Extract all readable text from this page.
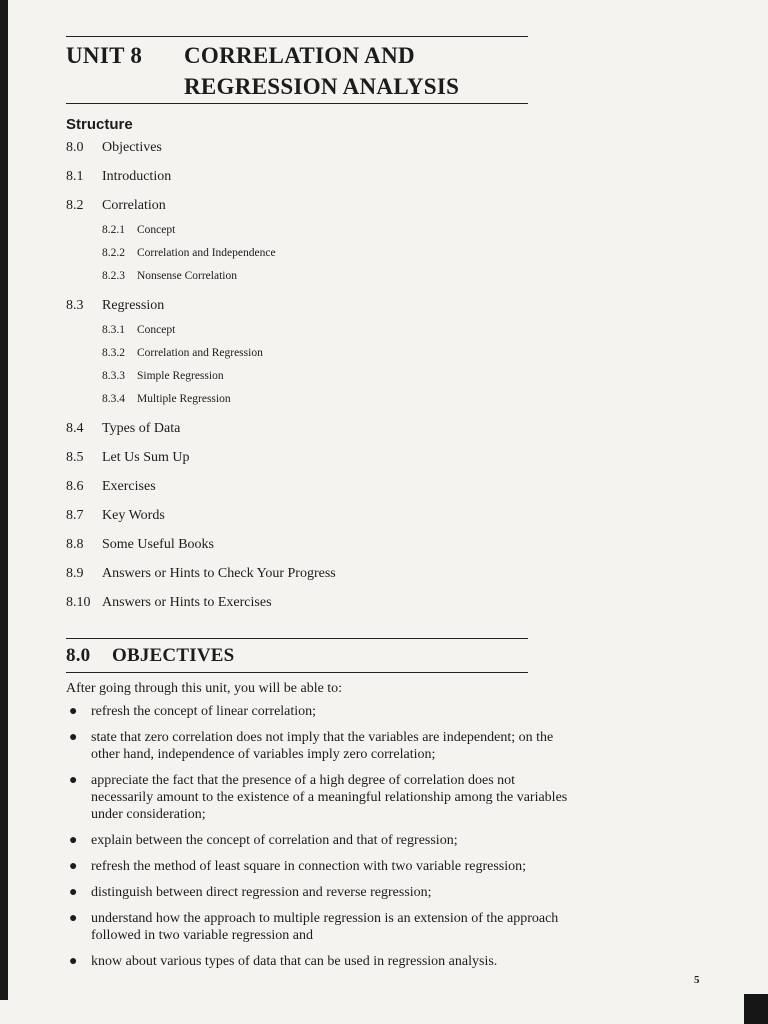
UNIT 8 CORRELATION AND
REGRESSION ANALYSIS
Structure
8.0	Objectives
8.1	Introduction
8.2	Correlation
8.2.1	Concept
8.2.2	Correlation and Independence
8.2.3	Nonsense Correlation
8.3	Regression
8.3.1	Concept
8.3.2	Correlation and Regression
8.3.3	Simple Regression
8.3.4	Multiple Regression
8.4	Types of Data
8.5	Let Us Sum Up
8.6	Exercises
8.7	Key Words
8.8	Some Useful Books
8.9	Answers or Hints to Check Your Progress
8.10 Answers or Hints to Exercises
8.0	OBJECTIVES
After going through this unit, you will be able to:
● refresh the concept of linear correlation;
● state that zero correlation does not imply that the variables are independent; on the other hand, independence of variables imply zero correlation;
● appreciate the fact that the presence of a high degree of correlation does not necessarily amount to the existence of a meaningful relationship among the variables under consideration;
● explain between the concept of correlation and that of regression;
● refresh the method of least square in connection with two variable regression;
● distinguish between direct regression and reverse regression;
● understand how the approach to multiple regression is an extension of the approach followed in two variable regression and
● know about various types of data that can be used in regression analysis.
5
